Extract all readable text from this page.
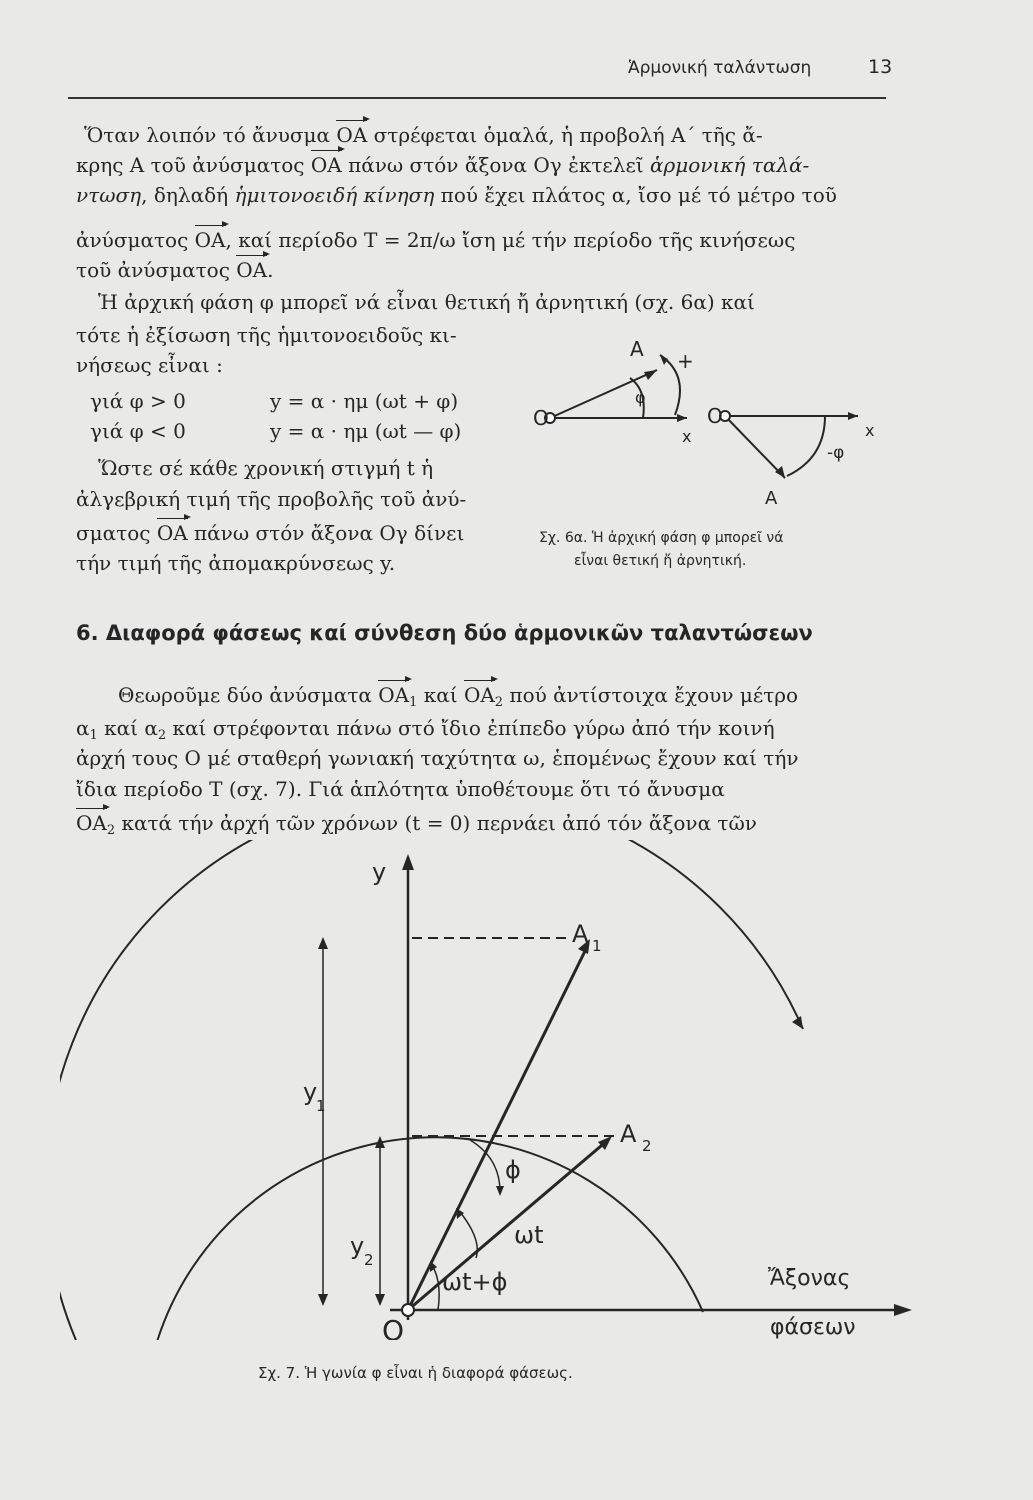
Ἁρμονική ταλάντωση	13
Ὅταν λοιπόν τό ἄνυσμα ΟΑ στρέφεται ὁμαλά, ἡ προβολή Α΄ τῆς ἄ-
κρης Α τοῦ ἀνύσματος ΟΑ πάνω στόν ἄξονα Ογ ἐκτελεῖ ἁρμονική ταλά-
ντωση, δηλαδή ἡμιτονοειδή κίνηση πού ἔχει πλάτος α, ἴσο μέ τό μέτρο τοῦ
ἀνύσματος ΟΑ, καί περίοδο Τ = 2π/ω ἴση μέ τήν περίοδο τῆς κινήσεως
τοῦ ἀνύσματος ΟΑ.
Ἡ ἀρχική φάση φ μπορεῖ νά εἶναι θετική ἤ ἀρνητική (σχ. 6α) καί
τότε ἡ ἐξίσωση τῆς ἡμιτονοειδοῦς κι-
νήσεως εἶναι :
γιά φ > 0	y = α · ημ (ωt + φ)
γιά φ < 0	y = α · ημ (ωt — φ)
Ὥστε σέ κάθε χρονική στιγμή t ἡ
ἀλγεβρική τιμή τῆς προβολῆς τοῦ ἀνύ-
σματος ΟΑ πάνω στόν ἄξονα Ογ δίνει
τήν τιμή τῆς ἀπομακρύνσεως y.
A +
φ
O
x
O
x
-φ
A
Σχ. 6α. Ἡ ἀρχική φάση φ μπορεῖ νά
εἶναι θετική ἤ ἀρνητική.
6. Διαφορά φάσεως καί σύνθεση δύο ἁρμονικῶν ταλαντώσεων
Θεωροῦμε δύο ἀνύσματα $OA_1$ καί $OA_2$ πού ἀντίστοιχα ἔχουν μέτρο
$\alpha_1$ καί $\alpha_2$ καί στρέφονται πάνω στό ἴδιο ἐπίπεδο γύρω ἀπό τήν κοινή
ἀρχή τους Ο μέ σταθερή γωνιακή ταχύτητα ω, ἑπομένως ἔχουν καί τήν
ἴδια περίοδο Τ (σχ. 7). Γιά ἁπλότητα ὑποθέτουμε ὅτι τό ἄνυσμα
$OA_2$ κατά τήν ἀρχή τῶν χρόνων (t = 0) περνάει ἀπό τόν ἄξονα τῶν
y
A 1
A 2
y
1
y 2
ϕ
ωt
ωt+ϕ
O
Ἄξονας
φάσεων
Σχ. 7. Ἡ γωνία φ εἶναι ἡ διαφορά φάσεως.
